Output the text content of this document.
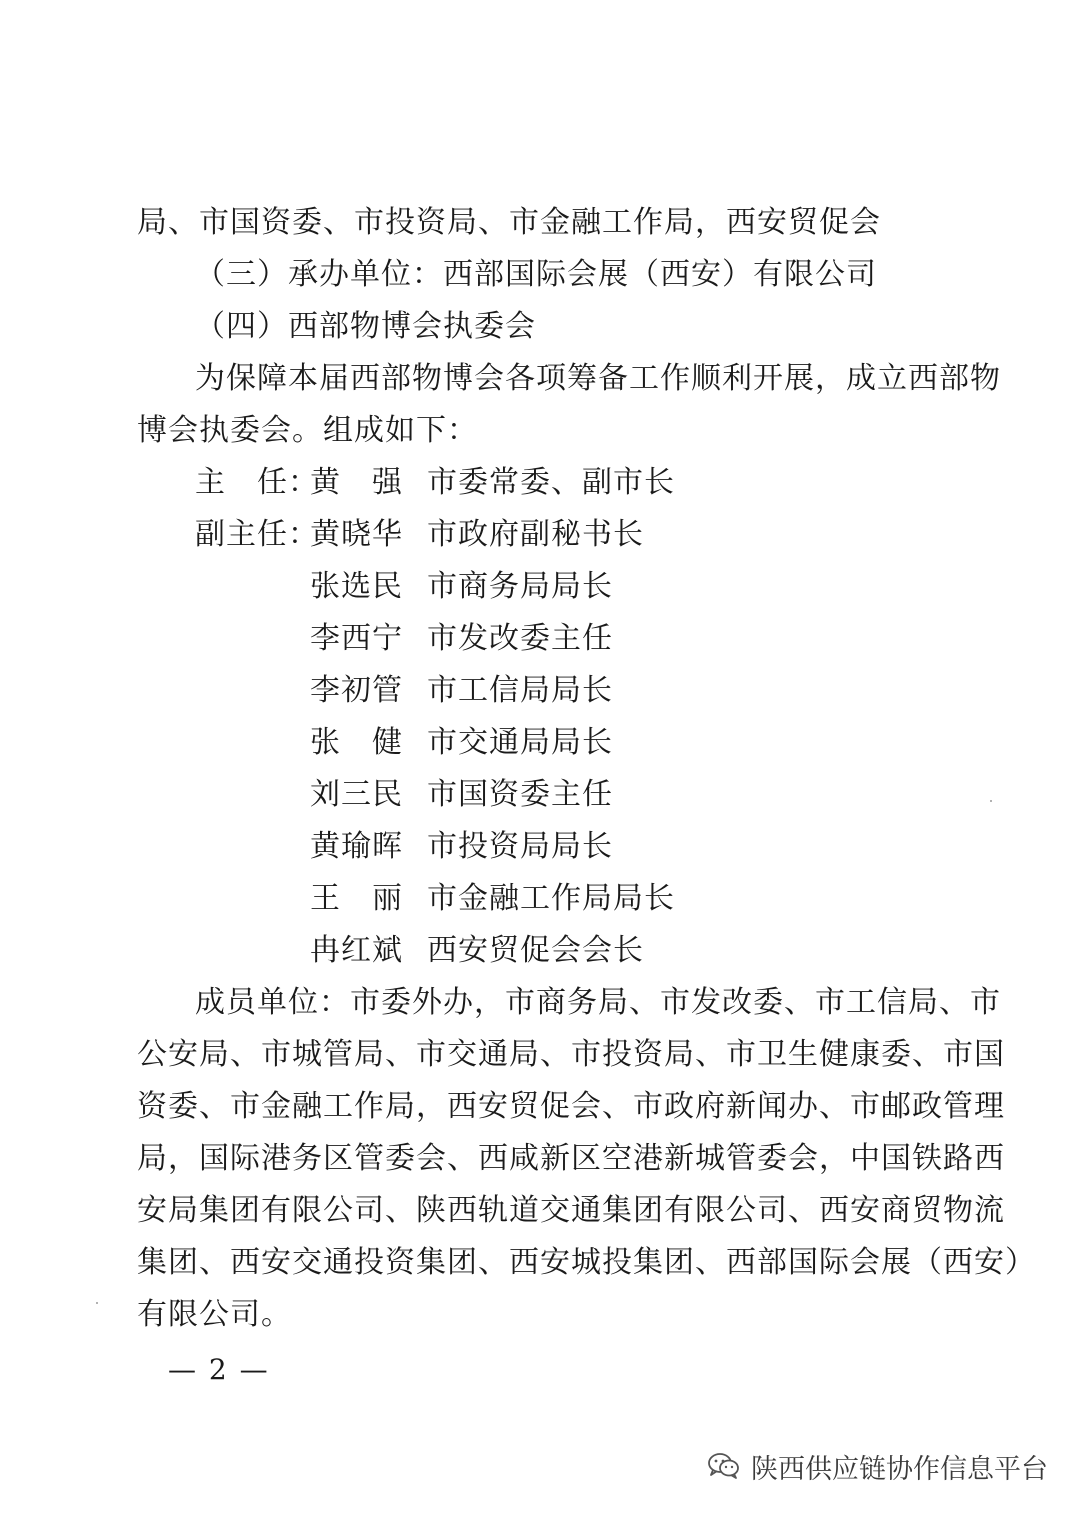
局、市国资委、市投资局、市金融工作局，西安贸促会
（三）承办单位：西部国际会展（西安）有限公司
（四）西部物博会执委会
为保障本届西部物博会各项筹备工作顺利开展，成立西部物
博会执委会。组成如下：
主　任：
黄　强 市委常委、副市长
副主任：
黄晓华 市政府副秘书长
张选民 市商务局局长
李西宁 市发改委主任
李初管 市工信局局长
张　健 市交通局局长
刘三民 市国资委主任
黄瑜晖 市投资局局长
王　丽 市金融工作局局长
冉红斌 西安贸促会会长
成员单位：市委外办，市商务局、市发改委、市工信局、市
公安局、市城管局、市交通局、市投资局、市卫生健康委、市国
资委、市金融工作局，西安贸促会、市政府新闻办、市邮政管理
局，国际港务区管委会、西咸新区空港新城管委会，中国铁路西
安局集团有限公司、陕西轨道交通集团有限公司、西安商贸物流
集团、西安交通投资集团、西安城投集团、西部国际会展（西安）
有限公司。
— 2 —
陕西供应链协作信息平台
